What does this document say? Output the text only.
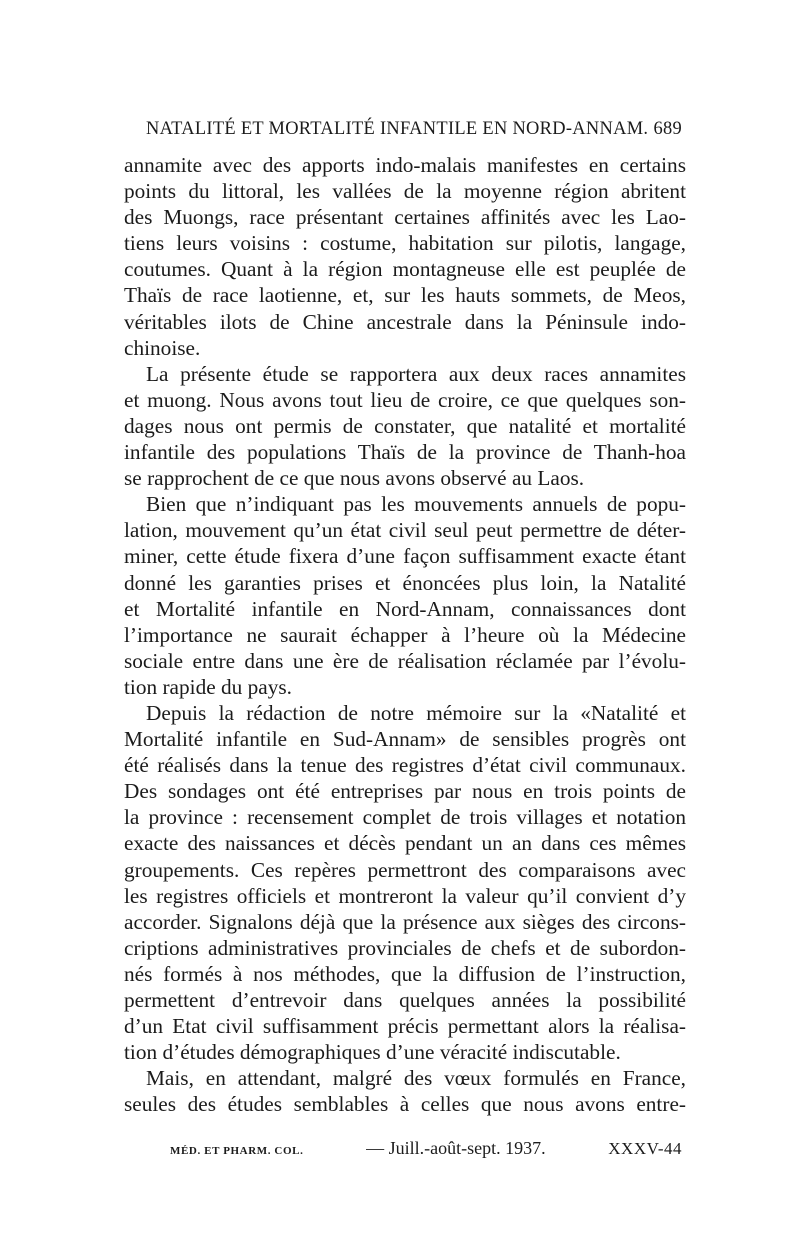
NATALITÉ ET MORTALITÉ INFANTILE EN NORD-ANNAM. 689
annamite avec des apports indo-malais manifestes en certains
points du littoral, les vallées de la moyenne région abritent
des Muongs, race présentant certaines affinités avec les Lao-
tiens leurs voisins : costume, habitation sur pilotis, langage,
coutumes. Quant à la région montagneuse elle est peuplée de
Thaïs de race laotienne, et, sur les hauts sommets, de Meos,
véritables ilots de Chine ancestrale dans la Péninsule indo-
chinoise.
La présente étude se rapportera aux deux races annamites
et muong. Nous avons tout lieu de croire, ce que quelques son-
dages nous ont permis de constater, que natalité et mortalité
infantile des populations Thaïs de la province de Thanh-hoa
se rapprochent de ce que nous avons observé au Laos.
Bien que n’indiquant pas les mouvements annuels de popu-
lation, mouvement qu’un état civil seul peut permettre de déter-
miner, cette étude fixera d’une façon suffisamment exacte étant
donné les garanties prises et énoncées plus loin, la Natalité
et Mortalité infantile en Nord-Annam, connaissances dont
l’importance ne saurait échapper à l’heure où la Médecine
sociale entre dans une ère de réalisation réclamée par l’évolu-
tion rapide du pays.
Depuis la rédaction de notre mémoire sur la «Natalité et
Mortalité infantile en Sud-Annam» de sensibles progrès ont
été réalisés dans la tenue des registres d’état civil communaux.
Des sondages ont été entreprises par nous en trois points de
la province : recensement complet de trois villages et notation
exacte des naissances et décès pendant un an dans ces mêmes
groupements. Ces repères permettront des comparaisons avec
les registres officiels et montreront la valeur qu’il convient d’y
accorder. Signalons déjà que la présence aux sièges des circons-
criptions administratives provinciales de chefs et de subordon-
nés formés à nos méthodes, que la diffusion de l’instruction,
permettent d’entrevoir dans quelques années la possibilité
d’un Etat civil suffisamment précis permettant alors la réalisa-
tion d’études démographiques d’une véracité indiscutable.
Mais, en attendant, malgré des vœux formulés en France,
seules des études semblables à celles que nous avons entre-
MÉD. ET PHARM. COL.	— Juill.-août-sept. 1937.	XXXV-44
